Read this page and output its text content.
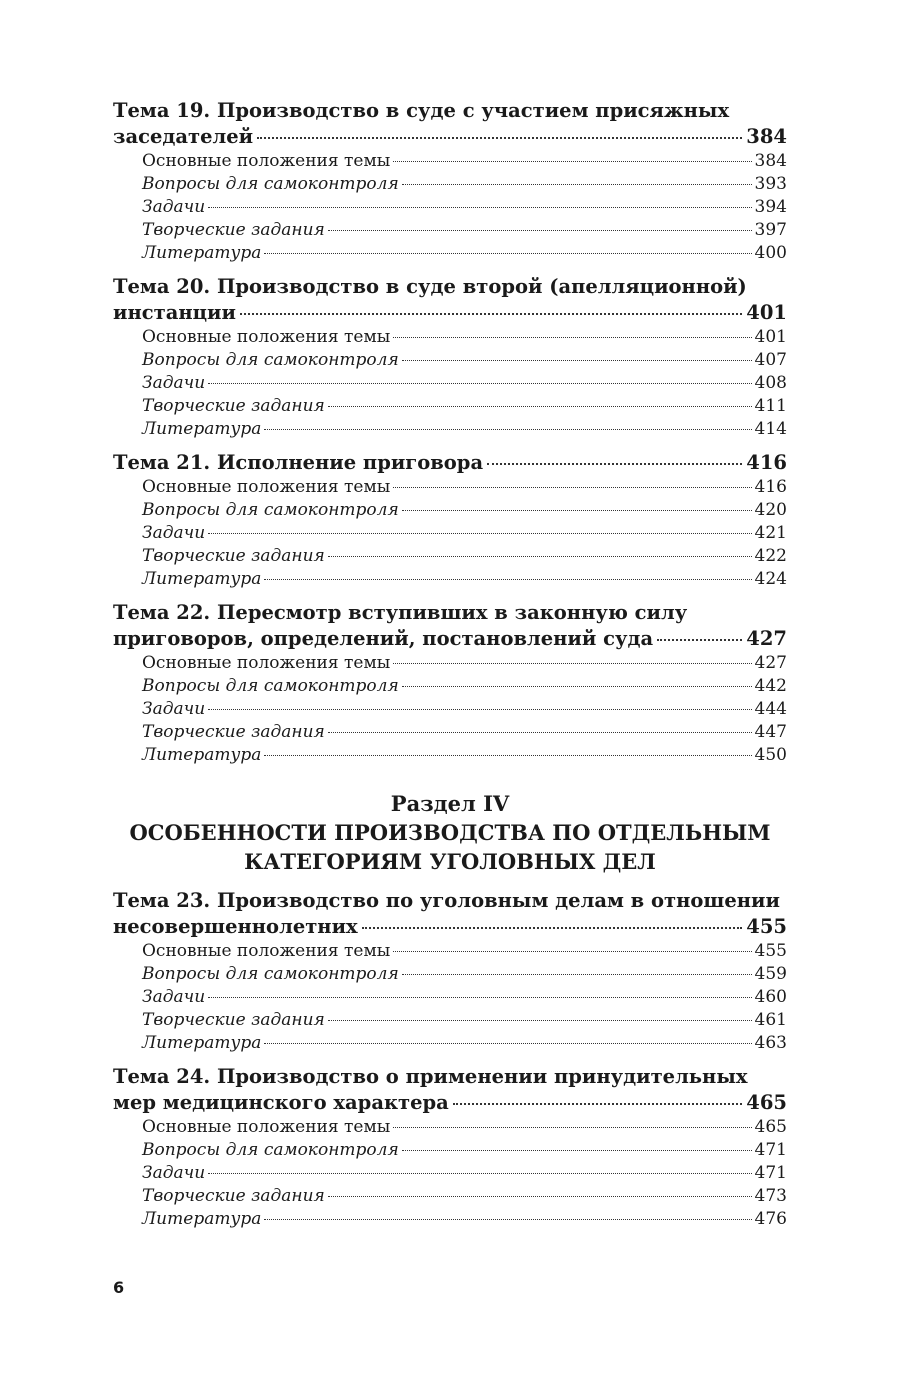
Тема 19. Производство в суде с участием присяжных
заседателей	384
Основные положения темы	384
Вопросы для самоконтроля	393
Задачи	394
Творческие задания	397
Литература	400
Тема 20. Производство в суде второй (апелляционной)
инстанции	401
Основные положения темы	401
Вопросы для самоконтроля	407
Задачи	408
Творческие задания	411
Литература	414
Тема 21. Исполнение приговора	416
Основные положения темы	416
Вопросы для самоконтроля	420
Задачи	421
Творческие задания	422
Литература	424
Тема 22. Пересмотр вступивших в законную силу
приговоров, определений, постановлений суда	427
Основные положения темы	427
Вопросы для самоконтроля	442
Задачи	444
Творческие задания	447
Литература	450
Раздел IV
ОСОБЕННОСТИ ПРОИЗВОДСТВА ПО ОТДЕЛЬНЫМ
КАТЕГОРИЯМ УГОЛОВНЫХ ДЕЛ
Тема 23. Производство по уголовным делам в отношении
несовершеннолетних	455
Основные положения темы	455
Вопросы для самоконтроля	459
Задачи	460
Творческие задания	461
Литература	463
Тема 24. Производство о применении принудительных
мер медицинского характера	465
Основные положения темы	465
Вопросы для самоконтроля	471
Задачи	471
Творческие задания	473
Литература	476
6
